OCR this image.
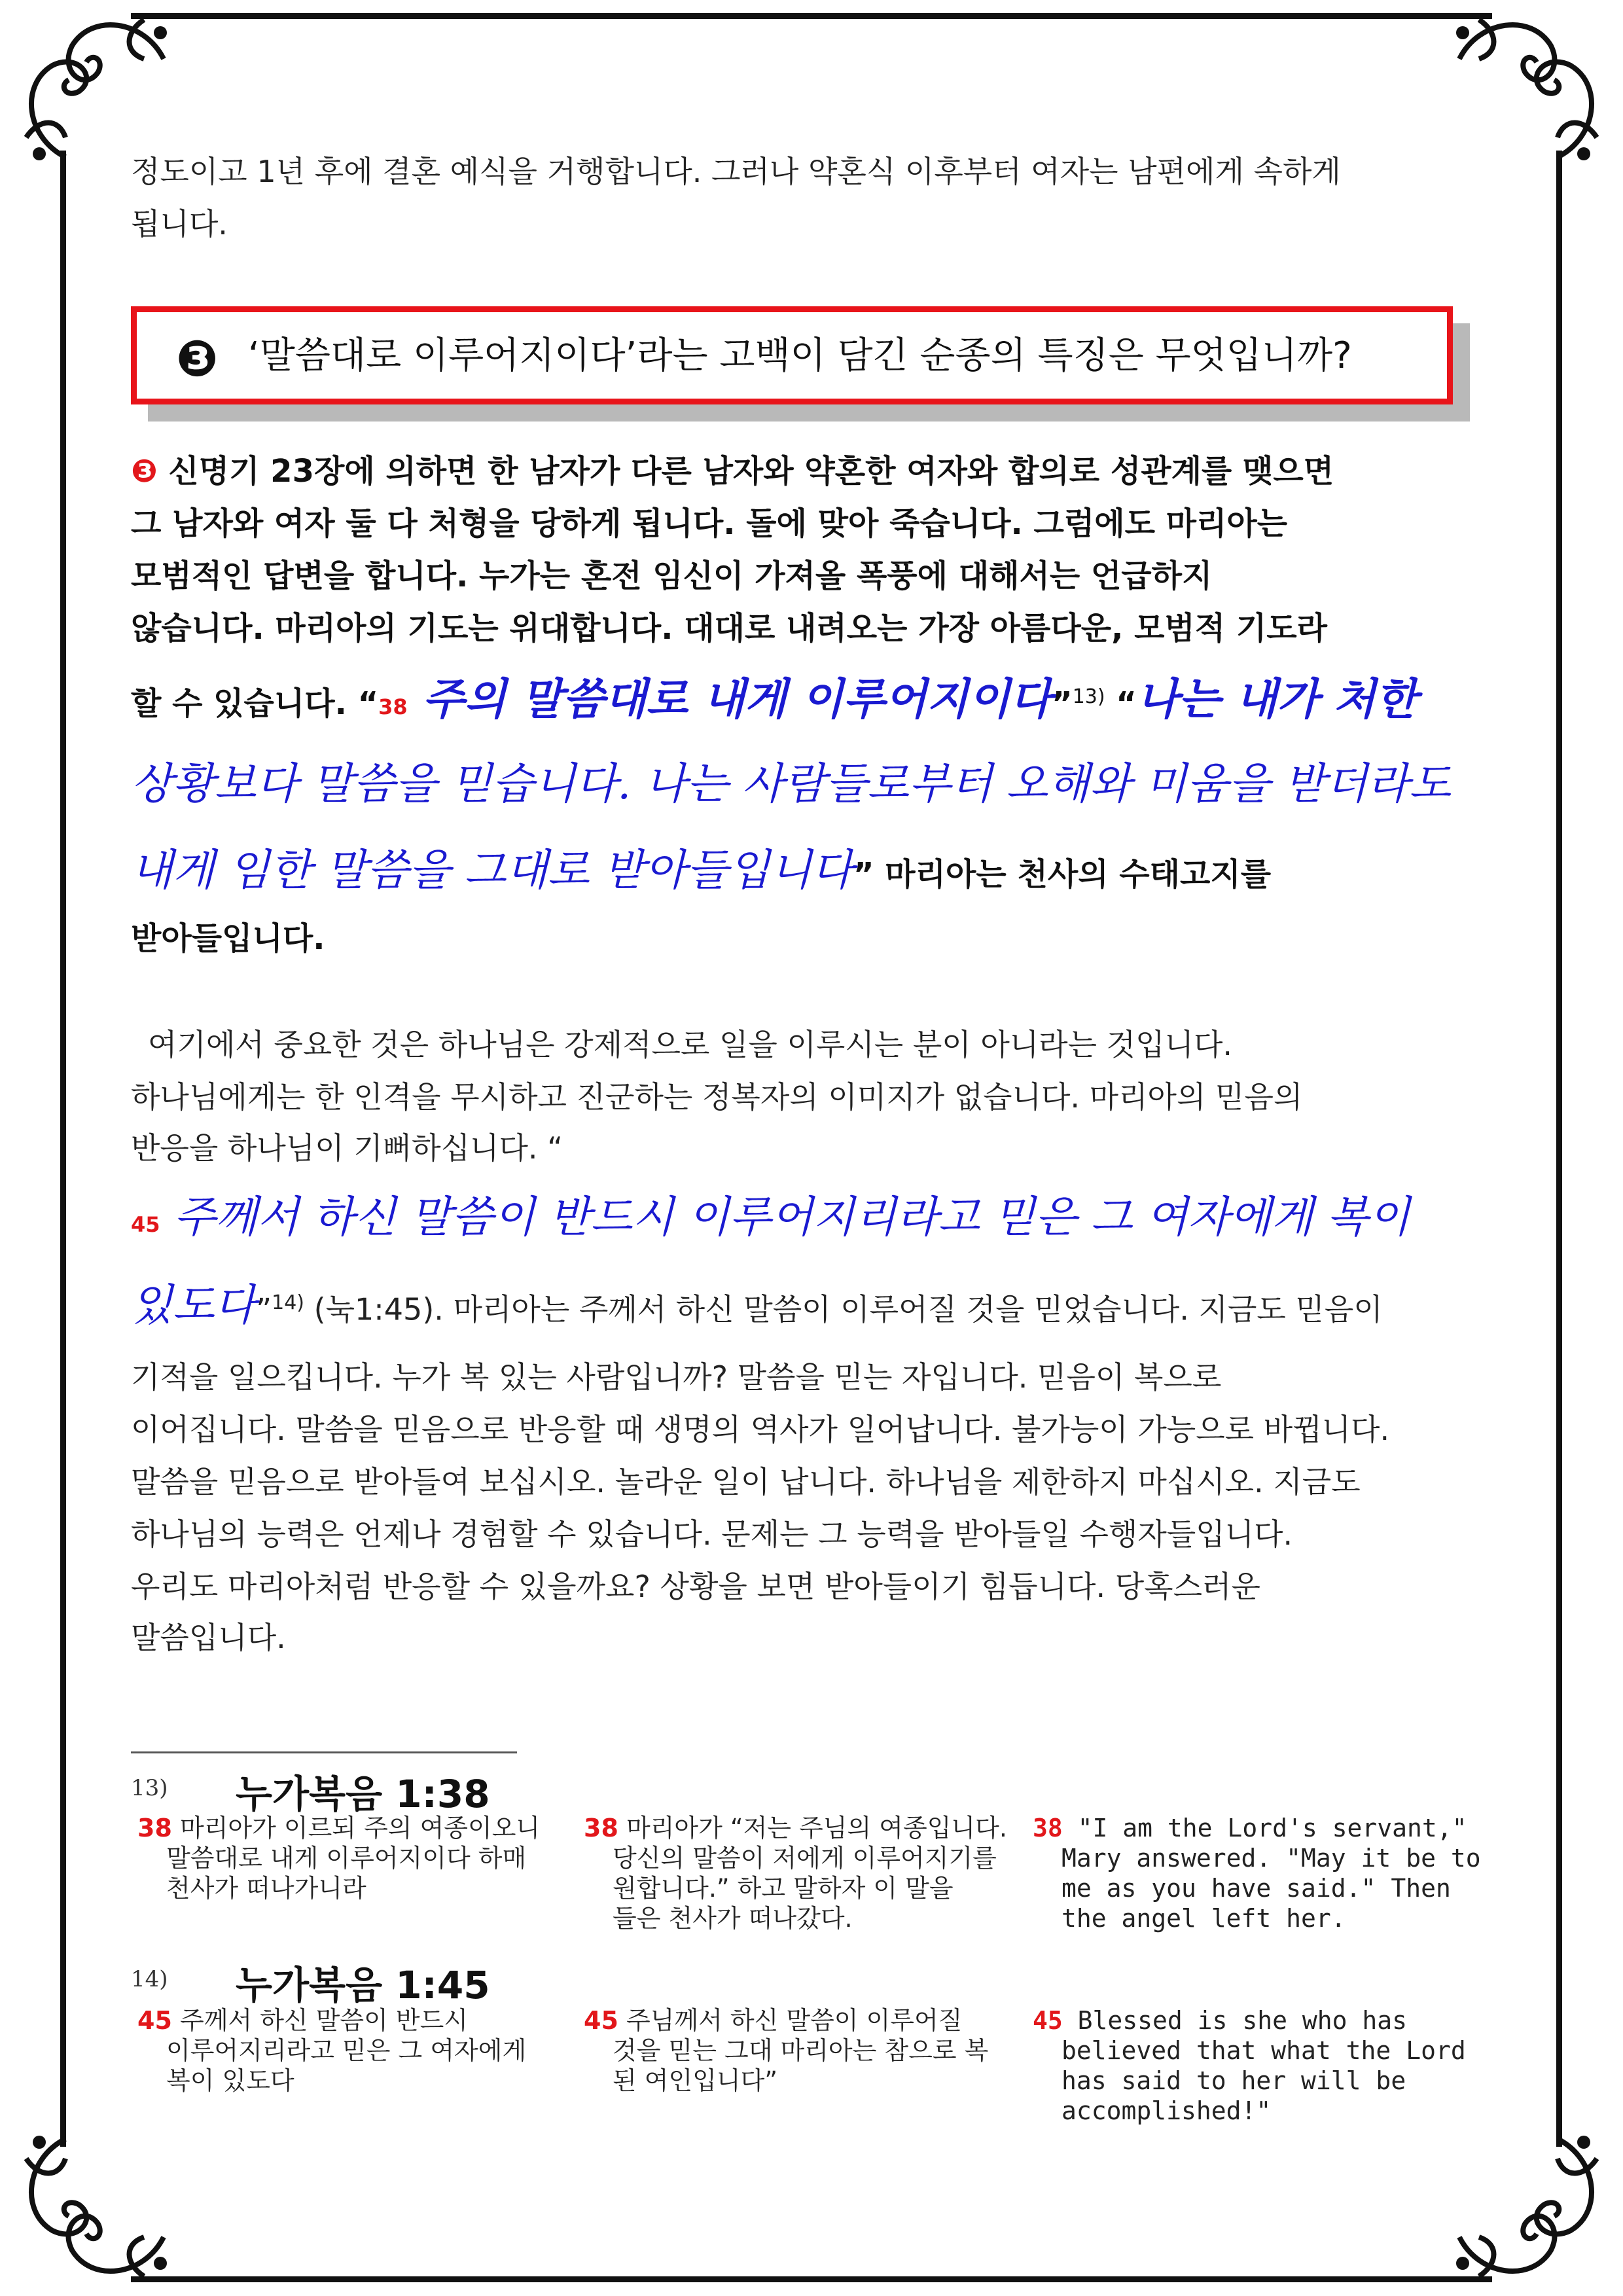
정도이고 1년 후에 결혼 예식을 거행합니다. 그러나 약혼식 이후부터 여자는 남편에게 속하게
됩니다.
❸ ‘말씀대로 이루어지이다’라는 고백이 담긴 순종의 특징은 무엇입니까?
❸ 신명기 23장에 의하면 한 남자가 다른 남자와 약혼한 여자와 합의로 성관계를 맺으면
그 남자와 여자 둘 다 처형을 당하게 됩니다. 돌에 맞아 죽습니다. 그럼에도 마리아는
모범적인 답변을 합니다. 누가는 혼전 임신이 가져올 폭풍에 대해서는 언급하지
않습니다. 마리아의 기도는 위대합니다. 대대로 내려오는 가장 아름다운, 모범적 기도라
할 수 있습니다. “38 주의 말씀대로 내게 이루어지이다”$^{13)}$ “나는 내가 처한
상황보다 말씀을 믿습니다. 나는 사람들로부터 오해와 미움을 받더라도
내게 임한 말씀을 그대로 받아들입니다” 마리아는 천사의 수태고지를
받아들입니다.
여기에서 중요한 것은 하나님은 강제적으로 일을 이루시는 분이 아니라는 것입니다.
하나님에게는 한 인격을 무시하고 진군하는 정복자의 이미지가 없습니다. 마리아의 믿음의
반응을 하나님이 기뻐하십니다. “
45 주께서 하신 말씀이 반드시 이루어지리라고 믿은 그 여자에게 복이
있도다”$^{14)}$ (눅1:45). 마리아는 주께서 하신 말씀이 이루어질 것을 믿었습니다. 지금도 믿음이
기적을 일으킵니다. 누가 복 있는 사람입니까? 말씀을 믿는 자입니다. 믿음이 복으로
이어집니다. 말씀을 믿음으로 반응할 때 생명의 역사가 일어납니다. 불가능이 가능으로 바뀝니다.
말씀을 믿음으로 받아들여 보십시오. 놀라운 일이 납니다. 하나님을 제한하지 마십시오. 지금도
하나님의 능력은 언제나 경험할 수 있습니다. 문제는 그 능력을 받아들일 수행자들입니다.
우리도 마리아처럼 반응할 수 있을까요? 상황을 보면 받아들이기 힘듭니다. 당혹스러운
말씀입니다.
13) 누가복음 1:38
38 마리아가 이르되 주의 여종이오니
말씀대로 내게 이루어지이다 하매
천사가 떠나가니라
38 마리아가 “저는 주님의 여종입니다.
당신의 말씀이 저에게 이루어지기를
원합니다.” 하고 말하자 이 말을
들은 천사가 떠나갔다.
38 "I am the Lord's servant,"
Mary answered. "May it be to
me as you have said." Then
the angel left her.
14) 누가복음 1:45
45 주께서 하신 말씀이 반드시
이루어지리라고 믿은 그 여자에게
복이 있도다
45 주님께서 하신 말씀이 이루어질
것을 믿는 그대 마리아는 참으로 복
된 여인입니다”
45 Blessed is she who has
believed that what the Lord
has said to her will be
accomplished!"
